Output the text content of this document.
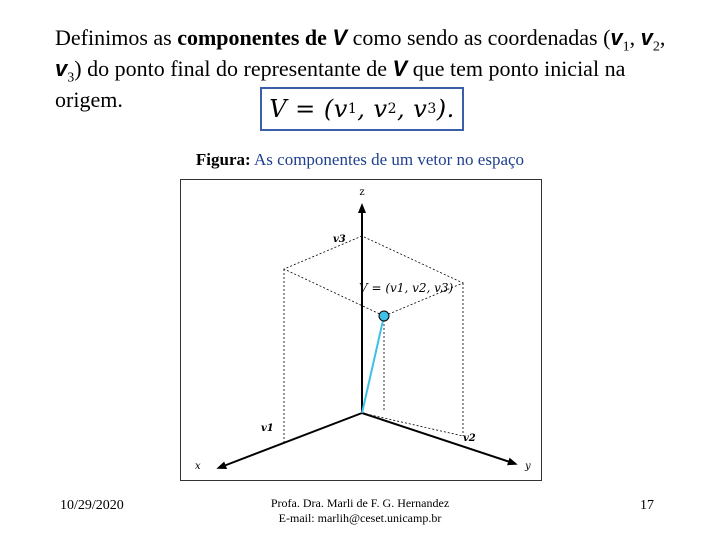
Definimos as componentes de V como sendo as coordenadas ($v_1$, $v_2$, $v_3$) do ponto final do representante de V que tem ponto inicial na origem.	V = (v 1 , v 2 , v 3 ).
Figura: As componentes de um vetor no espaço
z
x	y
v3
v1
v2
V = (v1, v2, v3)
10/29/2020	Profa. Dra. Marli de F. G. Hernandez
E-mail: marlih@ceset.unicamp.br
17
